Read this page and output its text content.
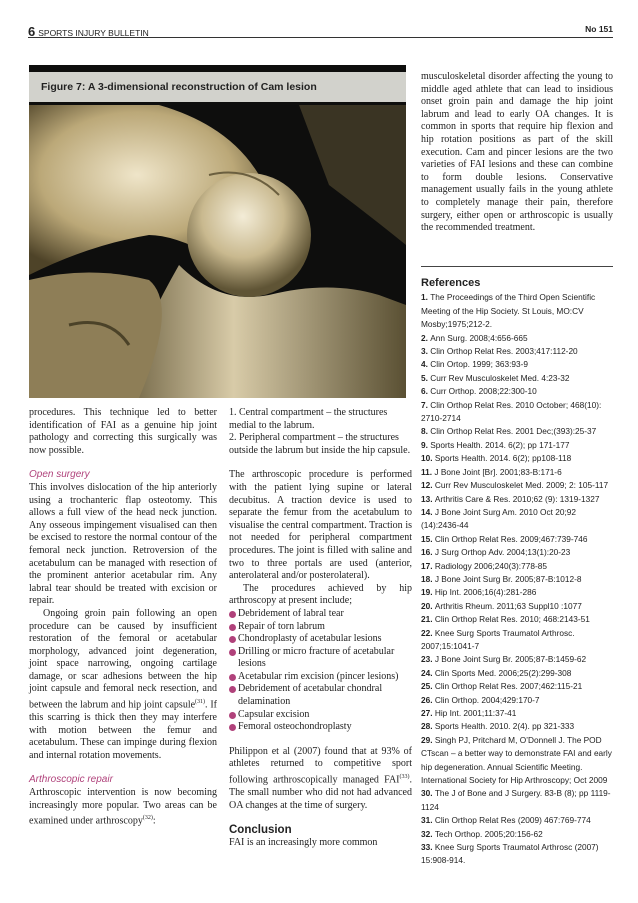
6 SPORTS INJURY BULLETIN	No 151
Figure 7: A 3-dimensional reconstruction of Cam lesion

procedures. This technique led to better identification of FAI as a genuine hip joint pathology and correcting this surgically was now possible.

Open surgery

This involves dislocation of the hip anteriorly using a trochanteric flap osteotomy. This allows a full view of the head neck junction. Any osseous impingement visualised can then be excised to restore the normal contour of the femoral neck junction. Retroversion of the acetabulum can be managed with resection of the prominent anterior acetabular rim. Any labral tear should be treated with excision or repair.

Ongoing groin pain following an open procedure can be caused by insufficient restoration of the femoral or acetabular morphology, advanced joint degeneration, joint space narrowing, ongoing cartilage damage, or scar adhesions between the hip joint capsule and femoral neck resection, and between the labrum and hip joint capsule$^{(31)}$. If this scarring is thick then they may interfere with motion between the femur and acetabulum. These can impinge during flexion and internal rotation movements.

Arthroscopic repair

Arthroscopic intervention is now becoming increasingly more popular. Two areas can be examined under arthroscopy$^{(32)}$:

1. Central compartment – the structures medial to the labrum.

2. Peripheral compartment – the structures outside the labrum but inside the hip capsule.

The arthroscopic procedure is performed with the patient lying supine or lateral decubitus. A traction device is used to separate the femur from the acetabulum to visualise the central compartment. Traction is not needed for peripheral compartment procedures. The joint is filled with saline and two to three portals are used (anterior, anterolateral and/or posterolateral).

The procedures achieved by hip arthroscopy at present include;

Debridement of labral tear
Repair of torn labrum
Chondroplasty of acetabular lesions
Drilling or micro fracture of acetabular lesions
Acetabular rim excision (pincer lesions)
Debridement of acetabular chondral delamination
Capsular excision
Femoral osteochondroplasty

Philippon et al (2007) found that at 93% of athletes returned to competitive sport following arthroscopically managed FAI$^{(33)}$. The small number who did not had advanced OA changes at the time of surgery.

Conclusion

FAI is an increasingly more common

musculoskeletal disorder affecting the young to middle aged athlete that can lead to insidious onset groin pain and damage the hip joint labrum and lead to early OA changes. It is common in sports that require hip flexion and hip rotation positions as part of the skill execution. Cam and pincer lesions are the two varieties of FAI lesions and these can combine to form double lesions. Conservative management usually fails in the young athlete to completely manage their pain, therefore surgery, either open or arthroscopic is usually the recommended treatment.

References
1. The Proceedings of the Third Open Scientific Meeting of the Hip Society. St Louis, MO:CV Mosby;1975;212-2.
2. Ann Surg. 2008;4:656-665
3. Clin Orthop Relat Res. 2003;417:112-20
4. Clin Ortop. 1999; 363:93-9
5. Curr Rev Musculoskelet Med. 4:23-32
6. Curr Orthop. 2008;22:300-10
7. Clin Orthop Relat Res. 2010 October; 468(10): 2710-2714
8. Clin Orthop Relat Res. 2001 Dec;(393):25-37
9. Sports Health. 2014. 6(2); pp 171-177
10. Sports Health. 2014. 6(2); pp108-118
11. J Bone Joint [Br]. 2001;83-B:171-6
12. Curr Rev Musculoskelet Med. 2009; 2: 105-117
13. Arthritis Care & Res. 2010;62 (9): 1319-1327
14. J Bone Joint Surg Am. 2010 Oct 20;92 (14):2436-44
15. Clin Orthop Relat Res. 2009;467:739-746
16. J Surg Orthop Adv. 2004;13(1):20-23
17. Radiology 2006;240(3):778-85
18. J Bone Joint Surg Br. 2005;87-B:1012-8
19. Hip Int. 2006;16(4):281-286
20. Arthritis Rheum. 2011;63 Suppl10 :1077
21. Clin Orthop Relat Res. 2010; 468:2143-51
22. Knee Surg Sports Traumatol Arthrosc. 2007;15:1041-7
23. J Bone Joint Surg Br. 2005;87-B:1459-62
24. Clin Sports Med. 2006;25(2):299-308
25. Clin Orthop Relat Res. 2007;462:115-21
26. Clin Orthop. 2004;429:170-7
27. Hip Int. 2001;11:37-41
28. Sports Health. 2010. 2(4). pp 321-333
29. Singh PJ, Pritchard M, O’Donnell J. The POD CTscan – a better way to demonstrate FAI and early hip degeneration. Annual Scientific Meeting. International Society for Hip Arthroscopy; Oct 2009
30. The J of Bone and J Surgery. 83-B (8); pp 1119-1124
31. Clin Orthop Relat Res (2009) 467:769-774
32. Tech Orthop. 2005;20:156-62
33. Knee Surg Sports Traumatol Arthrosc (2007) 15:908-914.
